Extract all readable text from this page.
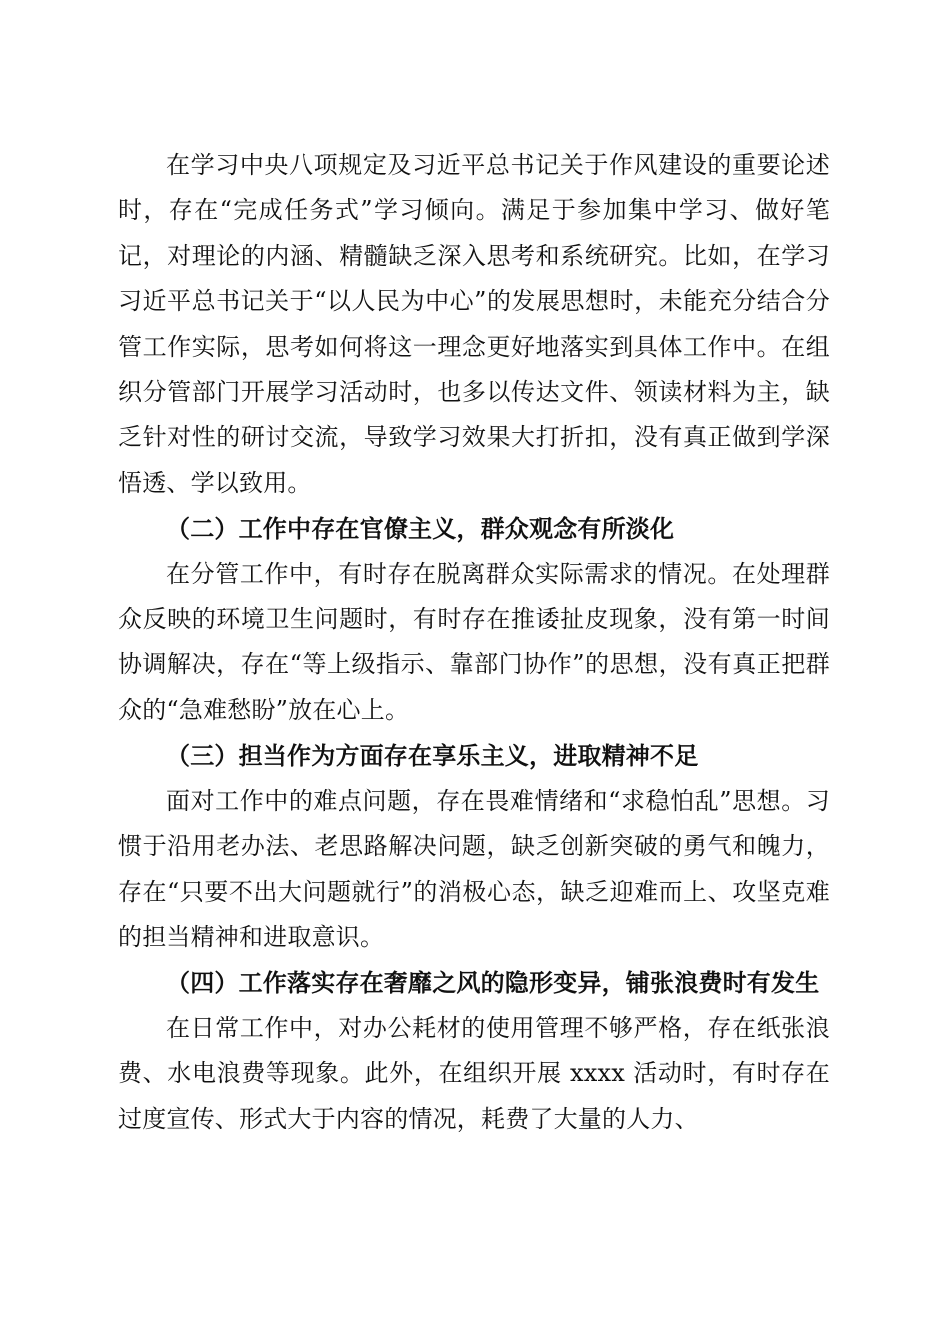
在学习中央八项规定及习近平总书记关于作风建设的重要论述时，存在“完成任务式”学习倾向。满足于参加集中学习、做好笔记，对理论的内涵、精髓缺乏深入思考和系统研究。比如，在学习习近平总书记关于“以人民为中心”的发展思想时，未能充分结合分管工作实际，思考如何将这一理念更好地落实到具体工作中。在组织分管部门开展学习活动时，也多以传达文件、领读材料为主，缺乏针对性的研讨交流，导致学习效果大打折扣，没有真正做到学深悟透、学以致用。

（二）工作中存在官僚主义，群众观念有所淡化

在分管工作中，有时存在脱离群众实际需求的情况。在处理群众反映的环境卫生问题时，有时存在推诿扯皮现象，没有第一时间协调解决，存在“等上级指示、靠部门协作”的思想，没有真正把群众的“急难愁盼”放在心上。

（三）担当作为方面存在享乐主义，进取精神不足

面对工作中的难点问题，存在畏难情绪和“求稳怕乱”思想。习惯于沿用老办法、老思路解决问题，缺乏创新突破的勇气和魄力，存在“只要不出大问题就行”的消极心态，缺乏迎难而上、攻坚克难的担当精神和进取意识。

（四）工作落实存在奢靡之风的隐形变异，铺张浪费时有发生

在日常工作中，对办公耗材的使用管理不够严格，存在纸张浪费、水电浪费等现象。此外，在组织开展 xxxx 活动时，有时存在过度宣传、形式大于内容的情况，耗费了大量的人力、
